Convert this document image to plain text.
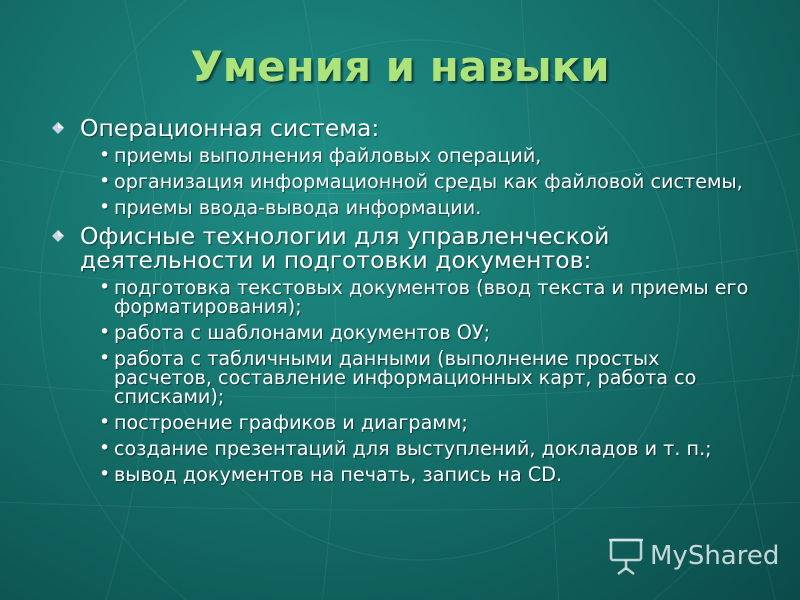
Умения и навыки
Операционная система:
• приемы выполнения файловых операций,
• организация информационной среды как файловой системы,
• приемы ввода-вывода информации.
Офисные технологии для управленческой деятельности и подготовки документов:
• подготовка текстовых документов (ввод текста и приемы его форматирования);
• работа с шаблонами документов ОУ;
• работа с табличными данными (выполнение простых расчетов, составление информационных карт, работа со списками);
• построение графиков и диаграмм;
• создание презентаций для выступлений, докладов и т. п.;
• вывод документов на печать, запись на CD.
MyShared
